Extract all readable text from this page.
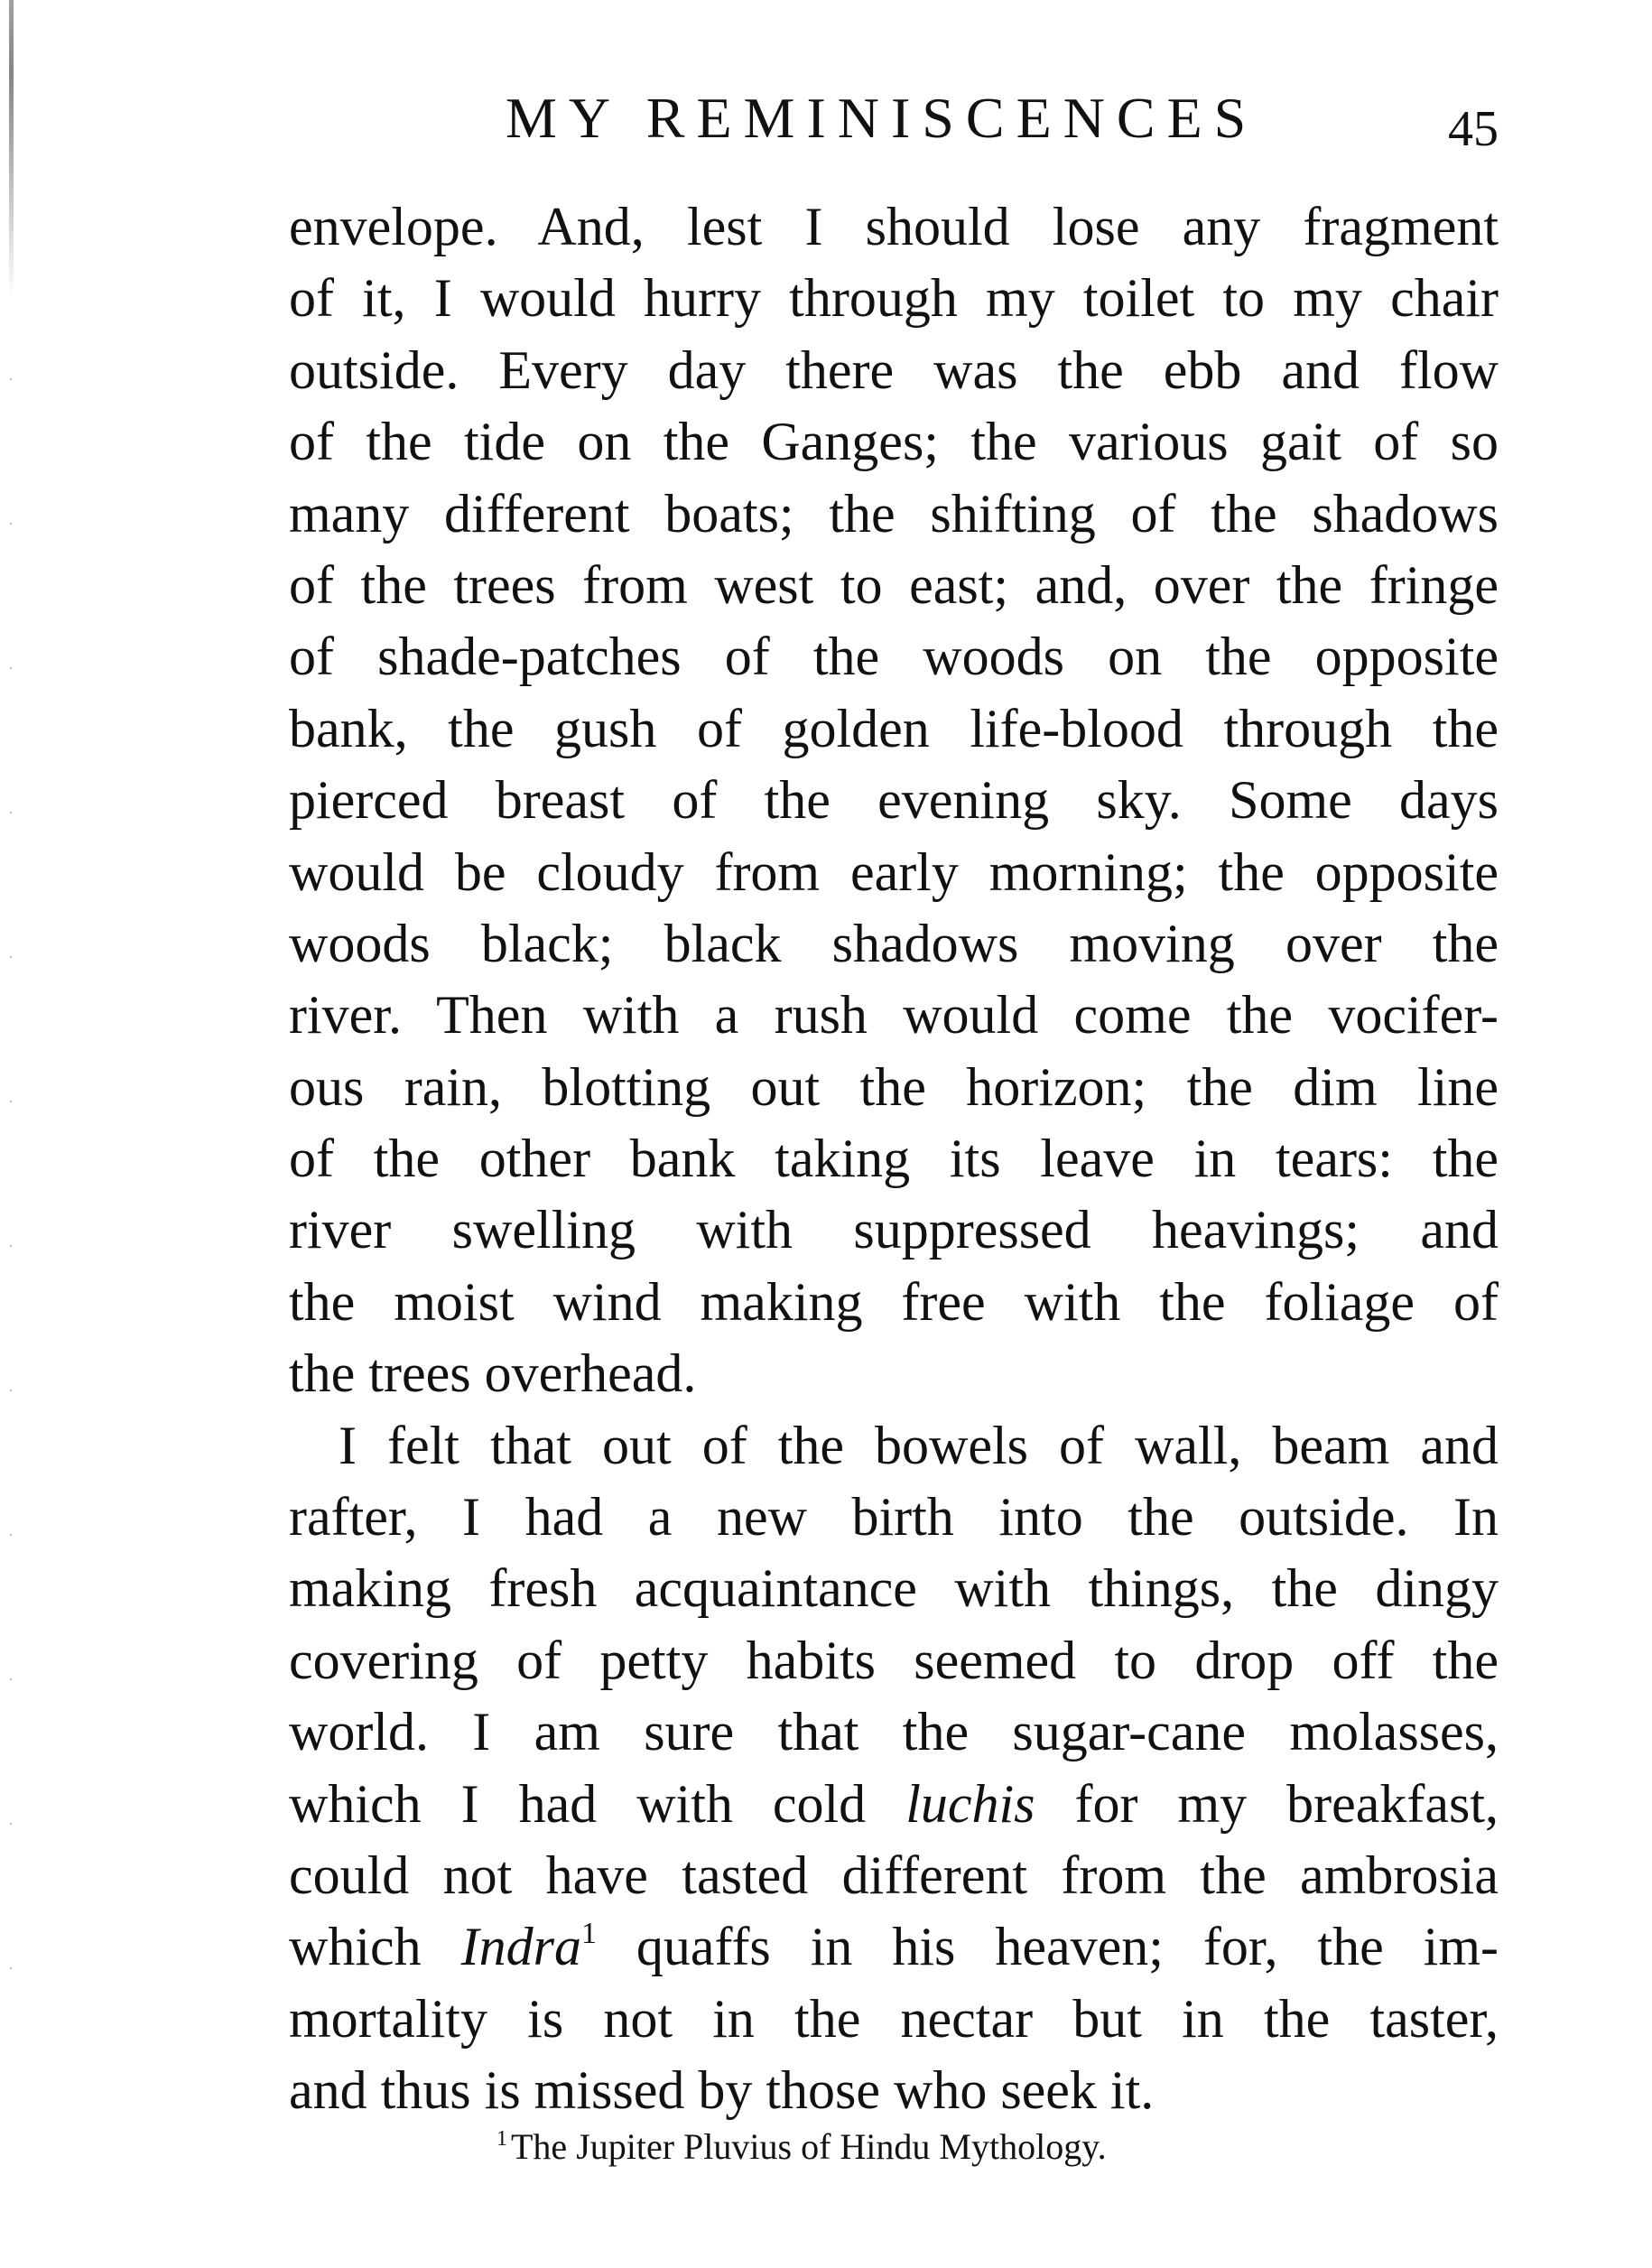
MY REMINISCENCES	45
envelope. And, lest I should lose any fragment
of it, I would hurry through my toilet to my chair
outside. Every day there was the ebb and flow
of the tide on the Ganges; the various gait of so
many different boats; the shifting of the shadows
of the trees from west to east; and, over the fringe
of shade-patches of the woods on the opposite
bank, the gush of golden life-blood through the
pierced breast of the evening sky. Some days
would be cloudy from early morning; the opposite
woods black; black shadows moving over the
river. Then with a rush would come the vocifer-
ous rain, blotting out the horizon; the dim line
of the other bank taking its leave in tears: the
river swelling with suppressed heavings; and
the moist wind making free with the foliage of
the trees overhead.
I felt that out of the bowels of wall, beam and
rafter, I had a new birth into the outside. In
making fresh acquaintance with things, the dingy
covering of petty habits seemed to drop off the
world. I am sure that the sugar-cane molasses,
which I had with cold luchis for my breakfast,
could not have tasted different from the ambrosia
which Indra$^1$ quaffs in his heaven; for, the im-
mortality is not in the nectar but in the taster,
and thus is missed by those who seek it.
$^1$ The Jupiter Pluvius of Hindu Mythology.
